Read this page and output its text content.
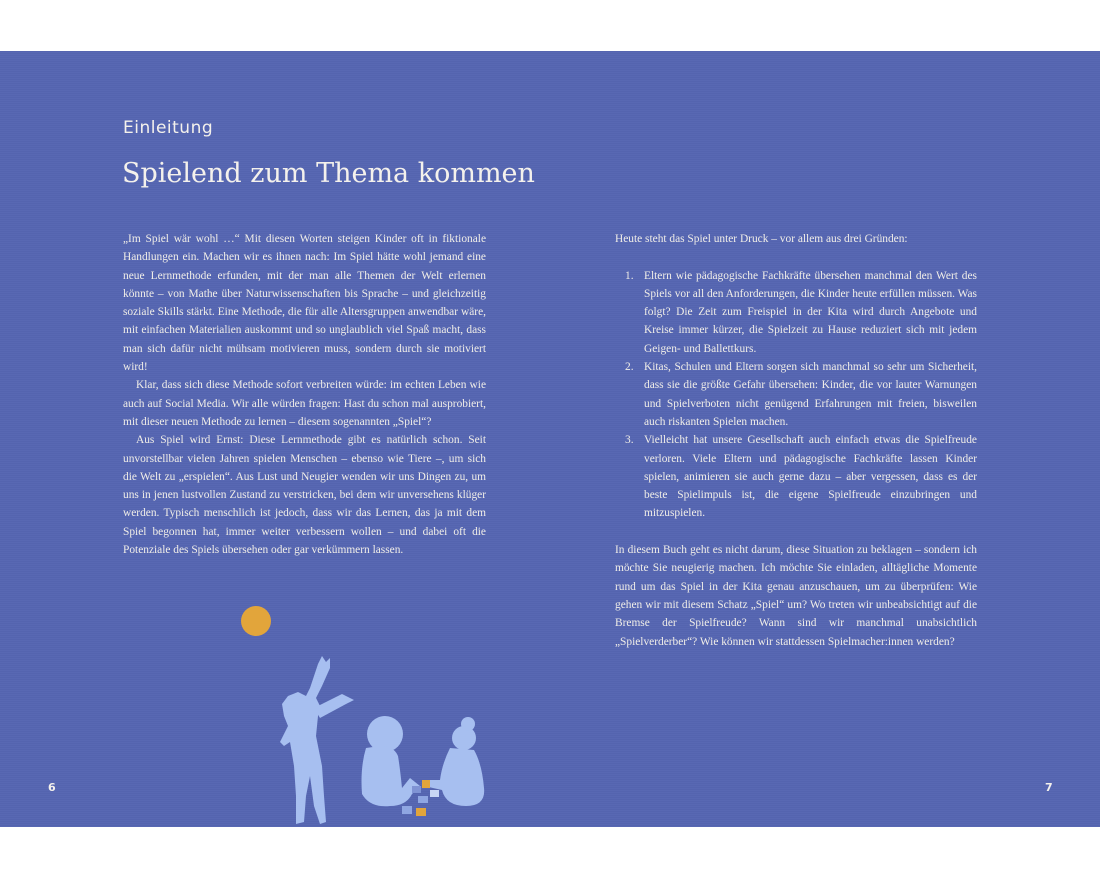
Einleitung
Spielend zum Thema kommen

„Im Spiel wär wohl …“ Mit diesen Worten steigen Kinder oft in fiktionale Handlungen ein. Machen wir es ihnen nach: Im Spiel hätte wohl jemand eine neue Lernmethode erfunden, mit der man alle Themen der Welt erlernen könnte – von Mathe über Naturwissenschaften bis Sprache – und gleichzeitig soziale Skills stärkt. Eine Methode, die für alle Altersgruppen anwendbar wäre, mit einfachen Materialien auskommt und so unglaublich viel Spaß macht, dass man sich dafür nicht mühsam motivieren muss, sondern durch sie motiviert wird!

Klar, dass sich diese Methode sofort verbreiten würde: im echten Leben wie auch auf Social Media. Wir alle würden fragen: Hast du schon mal ausprobiert, mit dieser neuen Methode zu lernen – diesem sogenannten „Spiel“?

Aus Spiel wird Ernst: Diese Lernmethode gibt es natürlich schon. Seit unvorstellbar vielen Jahren spielen Menschen – ebenso wie Tiere –, um sich die Welt zu „erspielen“. Aus Lust und Neugier wenden wir uns Dingen zu, um uns in jenen lustvollen Zustand zu verstricken, bei dem wir unversehens klüger werden. Typisch menschlich ist jedoch, dass wir das Lernen, das ja mit dem Spiel begonnen hat, immer weiter verbessern wollen – und dabei oft die Potenziale des Spiels übersehen oder gar verkümmern lassen.

Heute steht das Spiel unter Druck – vor allem aus drei Gründen:

1. Eltern wie pädagogische Fachkräfte übersehen manchmal den Wert des Spiels vor all den Anforderungen, die Kinder heute erfüllen müssen. Was folgt? Die Zeit zum Freispiel in der Kita wird durch Angebote und Kreise immer kürzer, die Spielzeit zu Hause reduziert sich mit jedem Geigen- und Ballettkurs.
2. Kitas, Schulen und Eltern sorgen sich manchmal so sehr um Sicherheit, dass sie die größte Gefahr übersehen: Kinder, die vor lauter Warnungen und Spielverboten nicht genügend Erfahrungen mit freien, bisweilen auch riskanten Spielen machen.
3. Vielleicht hat unsere Gesellschaft auch einfach etwas die Spielfreude verloren. Viele Eltern und pädagogische Fachkräfte lassen Kinder spielen, animieren sie auch gerne dazu – aber vergessen, dass es der beste Spielimpuls ist, die eigene Spielfreude einzubringen und mitzuspielen.

In diesem Buch geht es nicht darum, diese Situation zu beklagen – sondern ich möchte Sie neugierig machen. Ich möchte Sie einladen, alltägliche Momente rund um das Spiel in der Kita genau anzuschauen, um zu überprüfen: Wie gehen wir mit diesem Schatz „Spiel“ um? Wo treten wir unbeabsichtigt auf die Bremse der Spielfreude? Wann sind wir manchmal unabsichtlich „Spielverderber“? Wie können wir stattdessen Spielmacher:innen werden?

6	7
